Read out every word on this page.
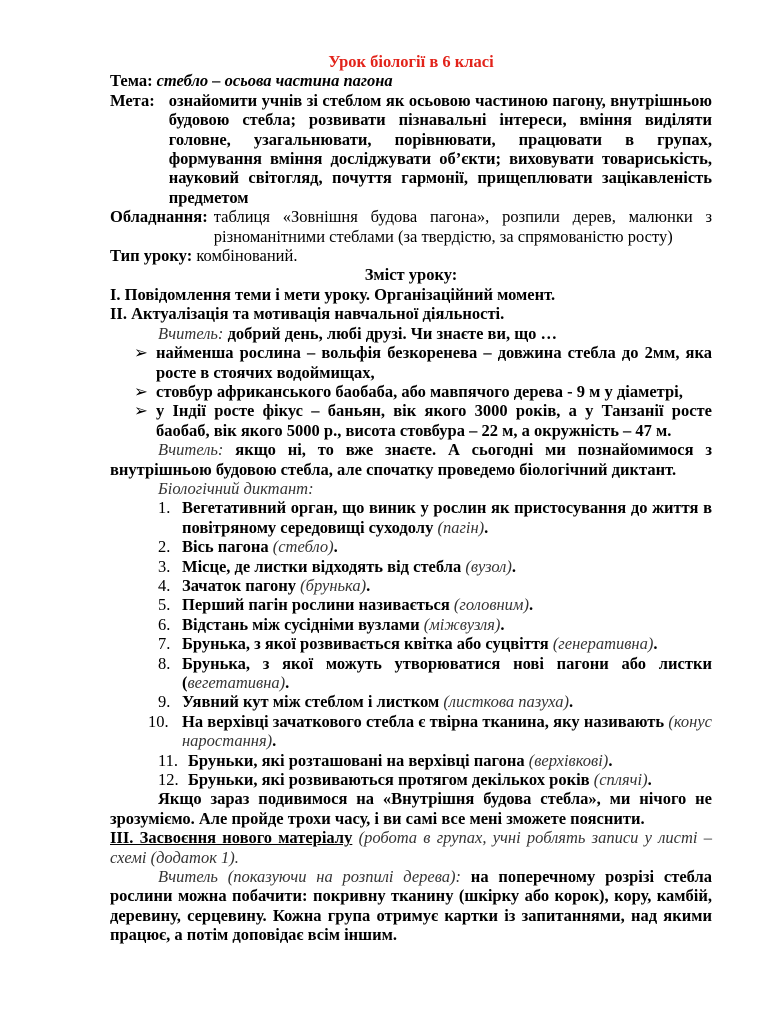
Урок біології в 6 класі
Тема: стебло – осьова частина пагона
Мета: ознайомити учнів зі стеблом як осьовою частиною пагону, внутрішньою будовою стебла; розвивати пізнавальні інтереси, вміння виділяти головне, узагальнювати, порівнювати, працювати в групах, формування вміння досліджувати об’єкти; виховувати товариськість, науковий світогляд, почуття гармонії, прищеплювати зацікавленість предметом
Обладнання: таблиця «Зовнішня будова пагона», розпили дерев, малюнки з різноманітними стеблами (за твердістю, за спрямованістю росту)
Тип уроку: комбінований.
Зміст уроку:
І. Повідомлення теми і мети уроку. Організаційний момент.
ІІ. Актуалізація та мотивація навчальної діяльності.
Вчитель: добрий день, любі друзі. Чи знаєте ви, що …
➢ найменша рослина – вольфія безкоренева – довжина стебла до 2мм, яка росте в стоячих водоймищах,
➢ стовбур африканського баобаба, або мавпячого дерева - 9 м у діаметрі,
➢ у Індії росте фікус – баньян, вік якого 3000 років, а у Танзанії росте баобаб, вік якого 5000 р., висота стовбура – 22 м, а окружність – 47 м.
Вчитель: якщо ні, то вже знаєте. А сьогодні ми познайомимося з внутрішньою будовою стебла, але спочатку проведемо біологічний диктант.
Біологічний диктант:
1. Вегетативний орган, що виник у рослин як пристосування до життя в повітряному середовищі суходолу (пагін).
2. Вісь пагона (стебло).
3. Місце, де листки відходять від стебла (вузол).
4. Зачаток пагону (брунька).
5. Перший пагін рослини називається (головним).
6. Відстань між сусідніми вузлами (міжвузля).
7. Брунька, з якої розвивається квітка або суцвіття (генеративна).
8. Брунька, з якої можуть утворюватися нові пагони або листки (вегетативна).
9. Уявний кут між стеблом і листком (листкова пазуха).
10. На верхівці зачаткового стебла є твірна тканина, яку називають (конус наростання).
11. Бруньки, які розташовані на верхівці пагона (верхівкові).
12. Бруньки, які розвиваються протягом декількох років (сплячі).
Якщо зараз подивимося на «Внутрішня будова стебла», ми нічого не зрозуміємо. Але пройде трохи часу, і ви самі все мені зможете пояснити.
ІІІ. Засвоєння нового матеріалу (робота в групах, учні роблять записи у листі – схемі (додаток 1).
Вчитель (показуючи на розпилі дерева): на поперечному розрізі стебла рослини можна побачити: покривну тканину (шкірку або корок), кору, камбій, деревину, серцевину. Кожна група отримує картки із запитаннями, над якими працює, а потім доповідає всім іншим.
